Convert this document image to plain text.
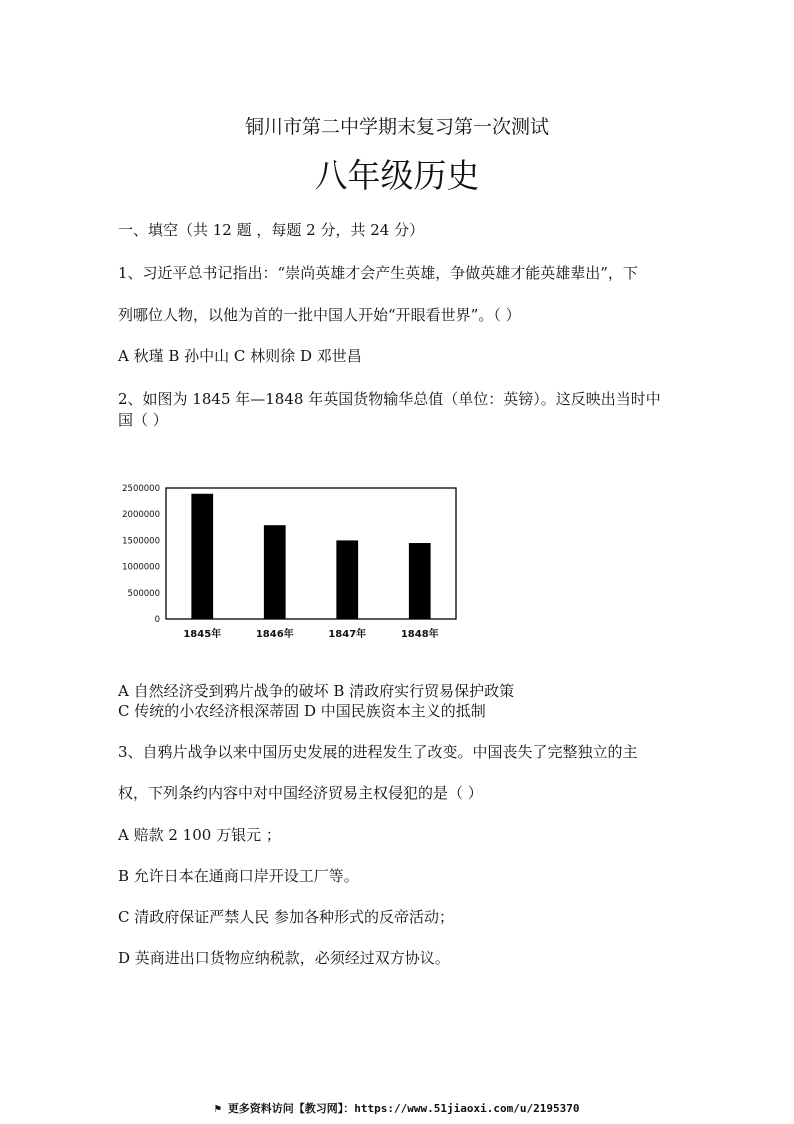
铜川市第二中学期末复习第一次测试
八年级历史
一、填空（共 12 题 ，每题 2 分，共 24 分）
1、习近平总书记指出：“崇尚英雄才会产生英雄，争做英雄才能英雄辈出”，下
列哪位人物，以他为首的一批中国人开始“开眼看世界”。（ ）
A 秋瑾 B 孙中山 C 林则徐 D 邓世昌
2、如图为 1845 年—1848 年英国货物输华总值（单位：英镑）。这反映出当时中
国（ ）
0
500000
1000000
1500000
2000000
2500000
1845年	1846年	1847年	1848年
A 自然经济受到鸦片战争的破坏 B 清政府实行贸易保护政策
C 传统的小农经济根深蒂固 D 中国民族资本主义的抵制
3、自鸦片战争以来中国历史发展的进程发生了改变。中国丧失了完整独立的主
权，下列条约内容中对中国经济贸易主权侵犯的是（ ）
A 赔款 2 100 万银元 ；
B 允许日本在通商口岸开设工厂等。
C 清政府保证严禁人民 参加各种形式的反帝活动；
D 英商进出口货物应纳税款，必须经过双方协议。
⚑ 更多资料访问【教习网】：https://www.51jiaoxi.com/u/2195370
